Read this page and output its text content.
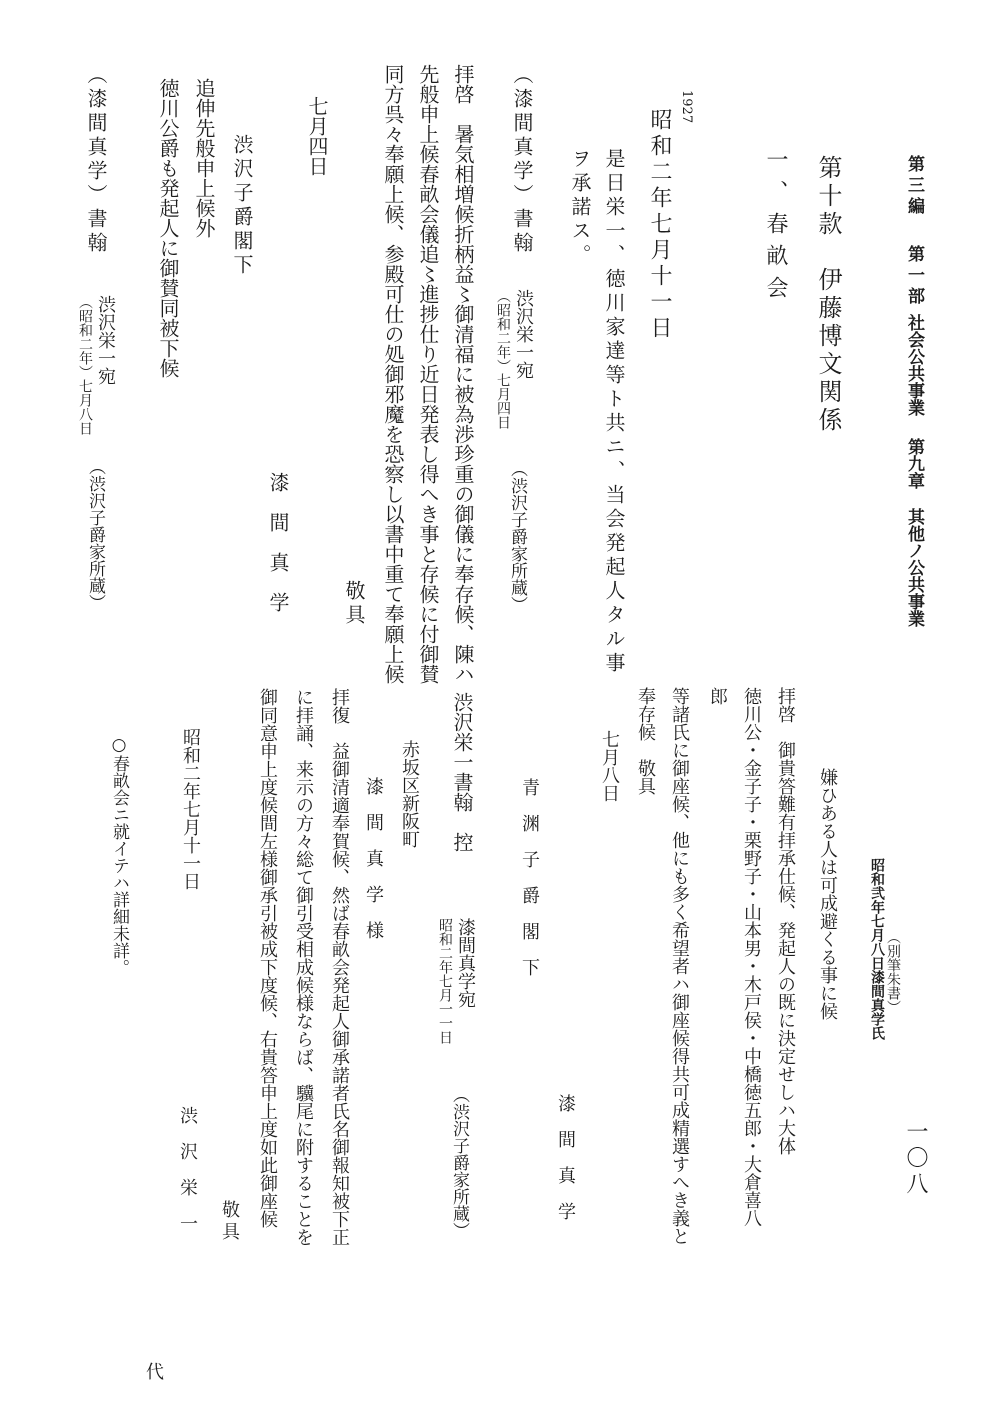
第三編
第一部
社会公共事業
第九章
其他ノ公共事業
一〇八
第十款　伊藤博文関係
一、春畝会
1927
昭和二年七月十一日
是日栄一、徳川家達等ト共ニ、当会発起人タル事
ヲ承諾ス。
（漆間真学）書翰
渋沢栄一宛
（昭和二年）七月四日
（渋沢子爵家所蔵）
拝啓　暑気相増候折柄益〻御清福に被為渉珍重の御儀に奉存候、陳ハ
先般申上候春畝会儀追〻進捗仕り近日発表し得へき事と存候に付御賛
同方呉々奉願上候、参殿可仕の処御邪魔を恐察し以書中重て奉願上候
敬具
漆　間　真　学
七月四日
渋沢子爵閣下
追伸先般申上候外
徳川公爵も発起人に御賛同被下候
（漆間真学）書翰
渋沢栄一宛
（昭和二年）七月八日
（渋沢子爵家所蔵）
（別筆朱書）
昭和弐年七月八日漆間真学氏
嫌ひある人は可成避くる事に候
拝啓　御貴答難有拝承仕候、発起人の既に決定せしハ大体
徳川公・金子子・栗野子・山本男・木戸侯・中橋徳五郎・大倉喜八
郎
等諸氏に御座候、他にも多く希望者ハ御座候得共可成精選すへき義と
奉存候　敬具
七月八日
漆　間　真　学
青　渊　子　爵　閣　下
渋沢栄一書翰　控
漆間真学宛
昭和二年七月一一日
（渋沢子爵家所蔵）
赤坂区新阪町
漆　間　真　学　様
拝復　益御清適奉賀候、然ば春畝会発起人御承諾者氏名御報知被下正
に拝誦、来示の方々総て御引受相成候様ならば、驥尾に附することを
御同意申上度候間左様御承引被成下度候、右貴答申上度如此御座候
敬具
昭和二年七月十一日
渋　沢　栄　一
代
○春畝会ニ就イテハ詳細未詳。
